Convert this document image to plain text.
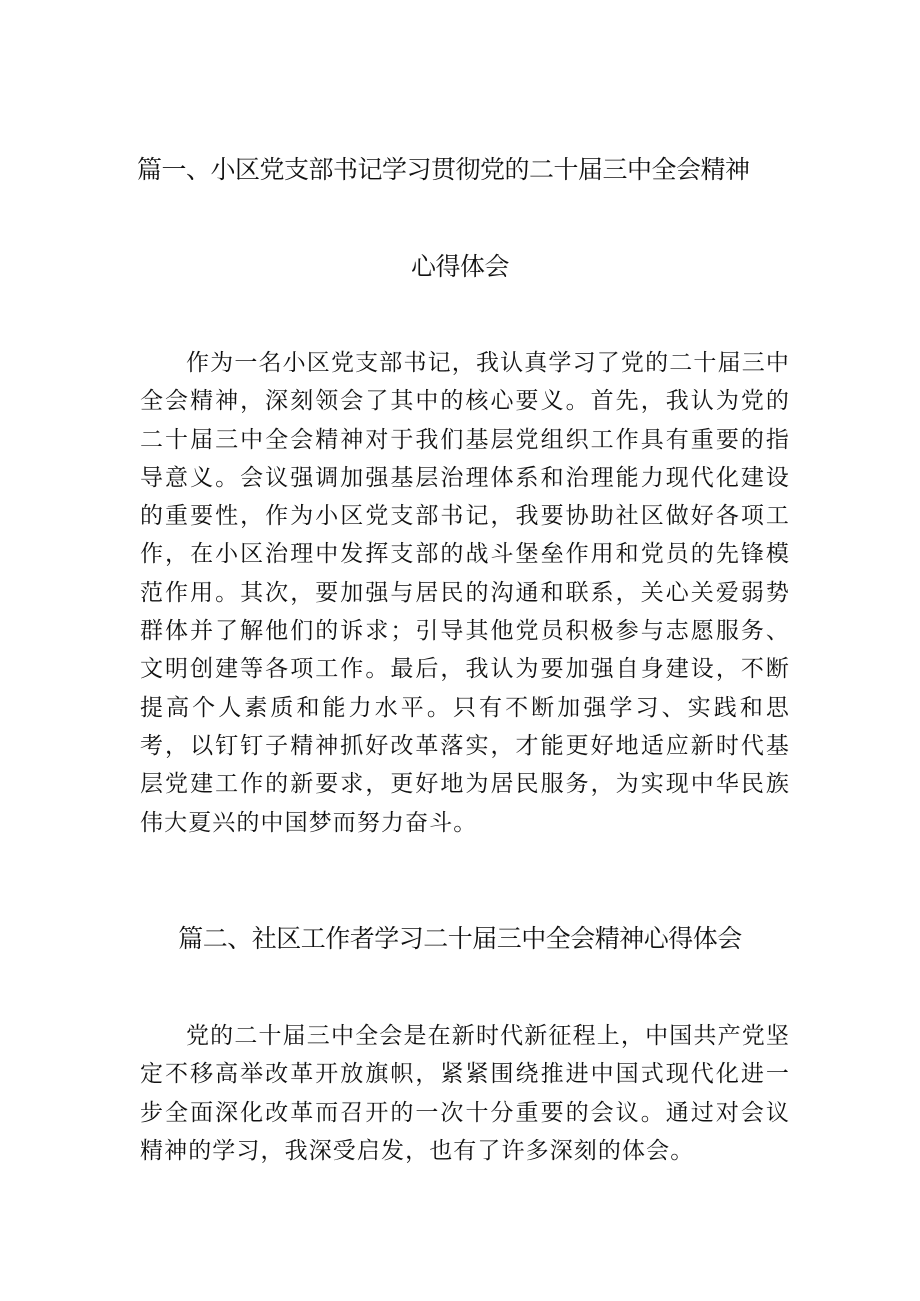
篇一、小区党支部书记学习贯彻党的二十届三中全会精神
心得体会

作为一名小区党支部书记，我认真学习了党的二十届三中全会精神，深刻领会了其中的核心要义。首先，我认为党的二十届三中全会精神对于我们基层党组织工作具有重要的指导意义。会议强调加强基层治理体系和治理能力现代化建设的重要性，作为小区党支部书记，我要协助社区做好各项工作，在小区治理中发挥支部的战斗堡垒作用和党员的先锋模范作用。其次，要加强与居民的沟通和联系，关心关爱弱势群体并了解他们的诉求；引导其他党员积极参与志愿服务、文明创建等各项工作。最后，我认为要加强自身建设，不断提高个人素质和能力水平。只有不断加强学习、实践和思考，以钉钉子精神抓好改革落实，才能更好地适应新时代基层党建工作的新要求，更好地为居民服务，为实现中华民族伟大夏兴的中国梦而努力奋斗。

篇二、社区工作者学习二十届三中全会精神心得体会

党的二十届三中全会是在新时代新征程上，中国共产党坚定不移高举改革开放旗帜，紧紧围绕推进中国式现代化进一步全面深化改革而召开的一次十分重要的会议。通过对会议精神的学习，我深受启发，也有了许多深刻的体会。
